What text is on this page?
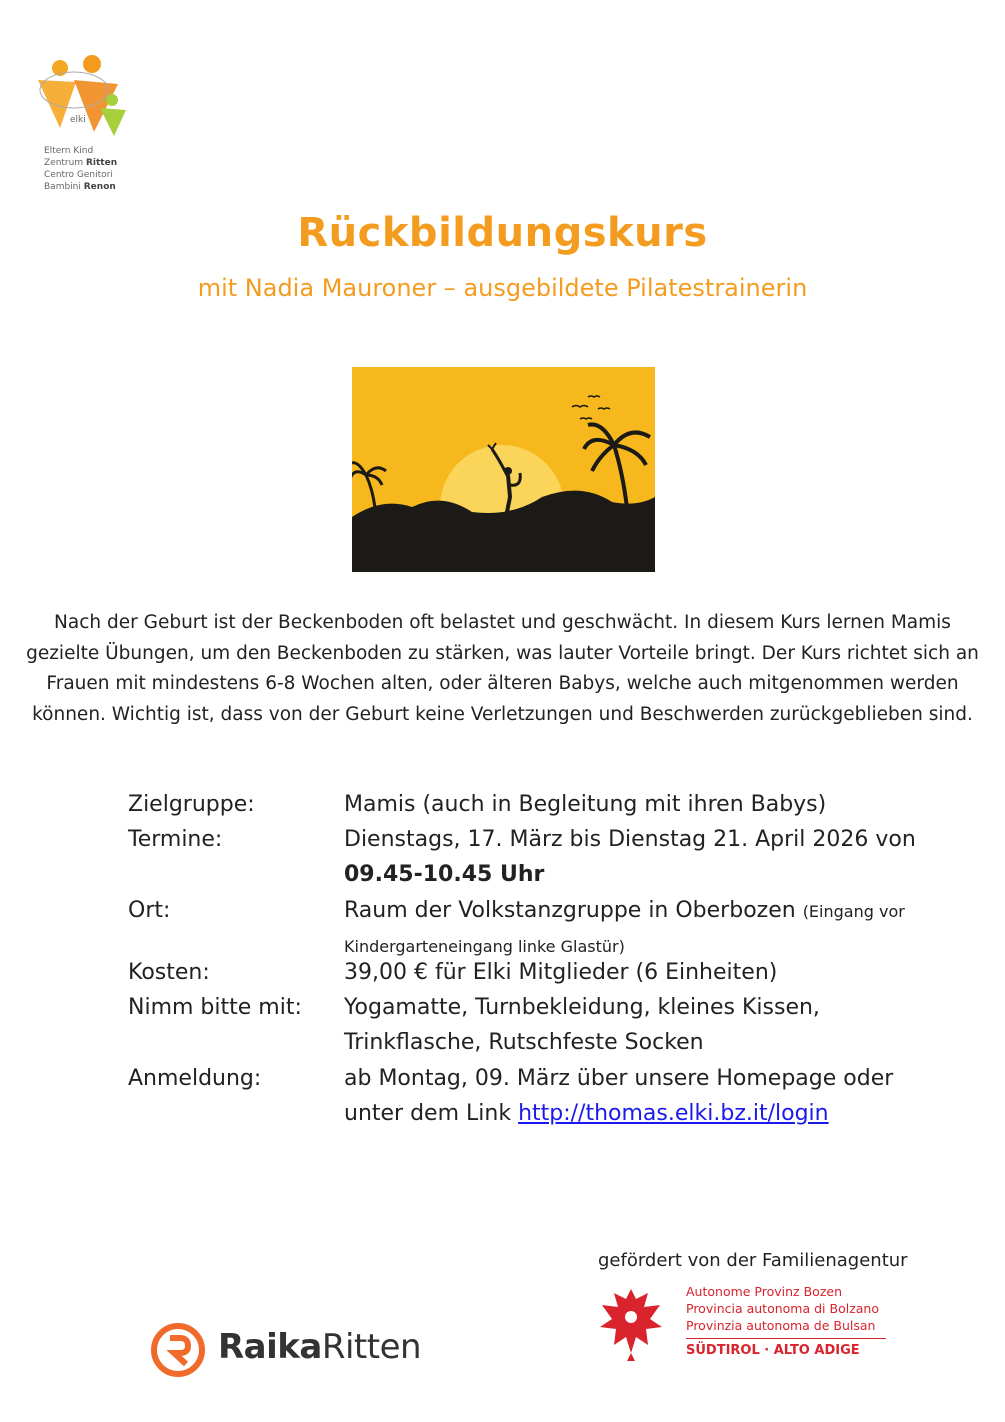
elki
Eltern Kind
Zentrum Ritten
Centro Genitori
Bambini Renon
Rückbildungskurs
mit Nadia Mauroner – ausgebildete Pilatestrainerin
Nach der Geburt ist der Beckenboden oft belastet und geschwächt. In diesem Kurs lernen Mamis gezielte Übungen, um den Beckenboden zu stärken, was lauter Vorteile bringt. Der Kurs richtet sich an Frauen mit mindestens 6-8 Wochen alten, oder älteren Babys, welche auch mitgenommen werden können. Wichtig ist, dass von der Geburt keine Verletzungen und Beschwerden zurückgeblieben sind.
Zielgruppe:	Mamis (auch in Begleitung mit ihren Babys)
Termine:	Dienstags, 17. März bis Dienstag 21. April 2026 von
09.45-10.45 Uhr
Ort:	Raum der Volkstanzgruppe in Oberbozen (Eingang vor Kindergarteneingang linke Glastür)
Kosten:	39,00 € für Elki Mitglieder (6 Einheiten)
Nimm bitte mit: Yogamatte, Turnbekleidung, kleines Kissen, Trinkflasche, Rutschfeste Socken
Anmeldung:	ab Montag, 09. März über unsere Homepage oder unter dem Link http://thomas.elki.bz.it/login
RaikaRitten
gefördert von der Familienagentur
Autonome Provinz Bozen
Provincia autonoma di Bolzano
Provinzia autonoma de Bulsan
SÜDTIROL · ALTO ADIGE
